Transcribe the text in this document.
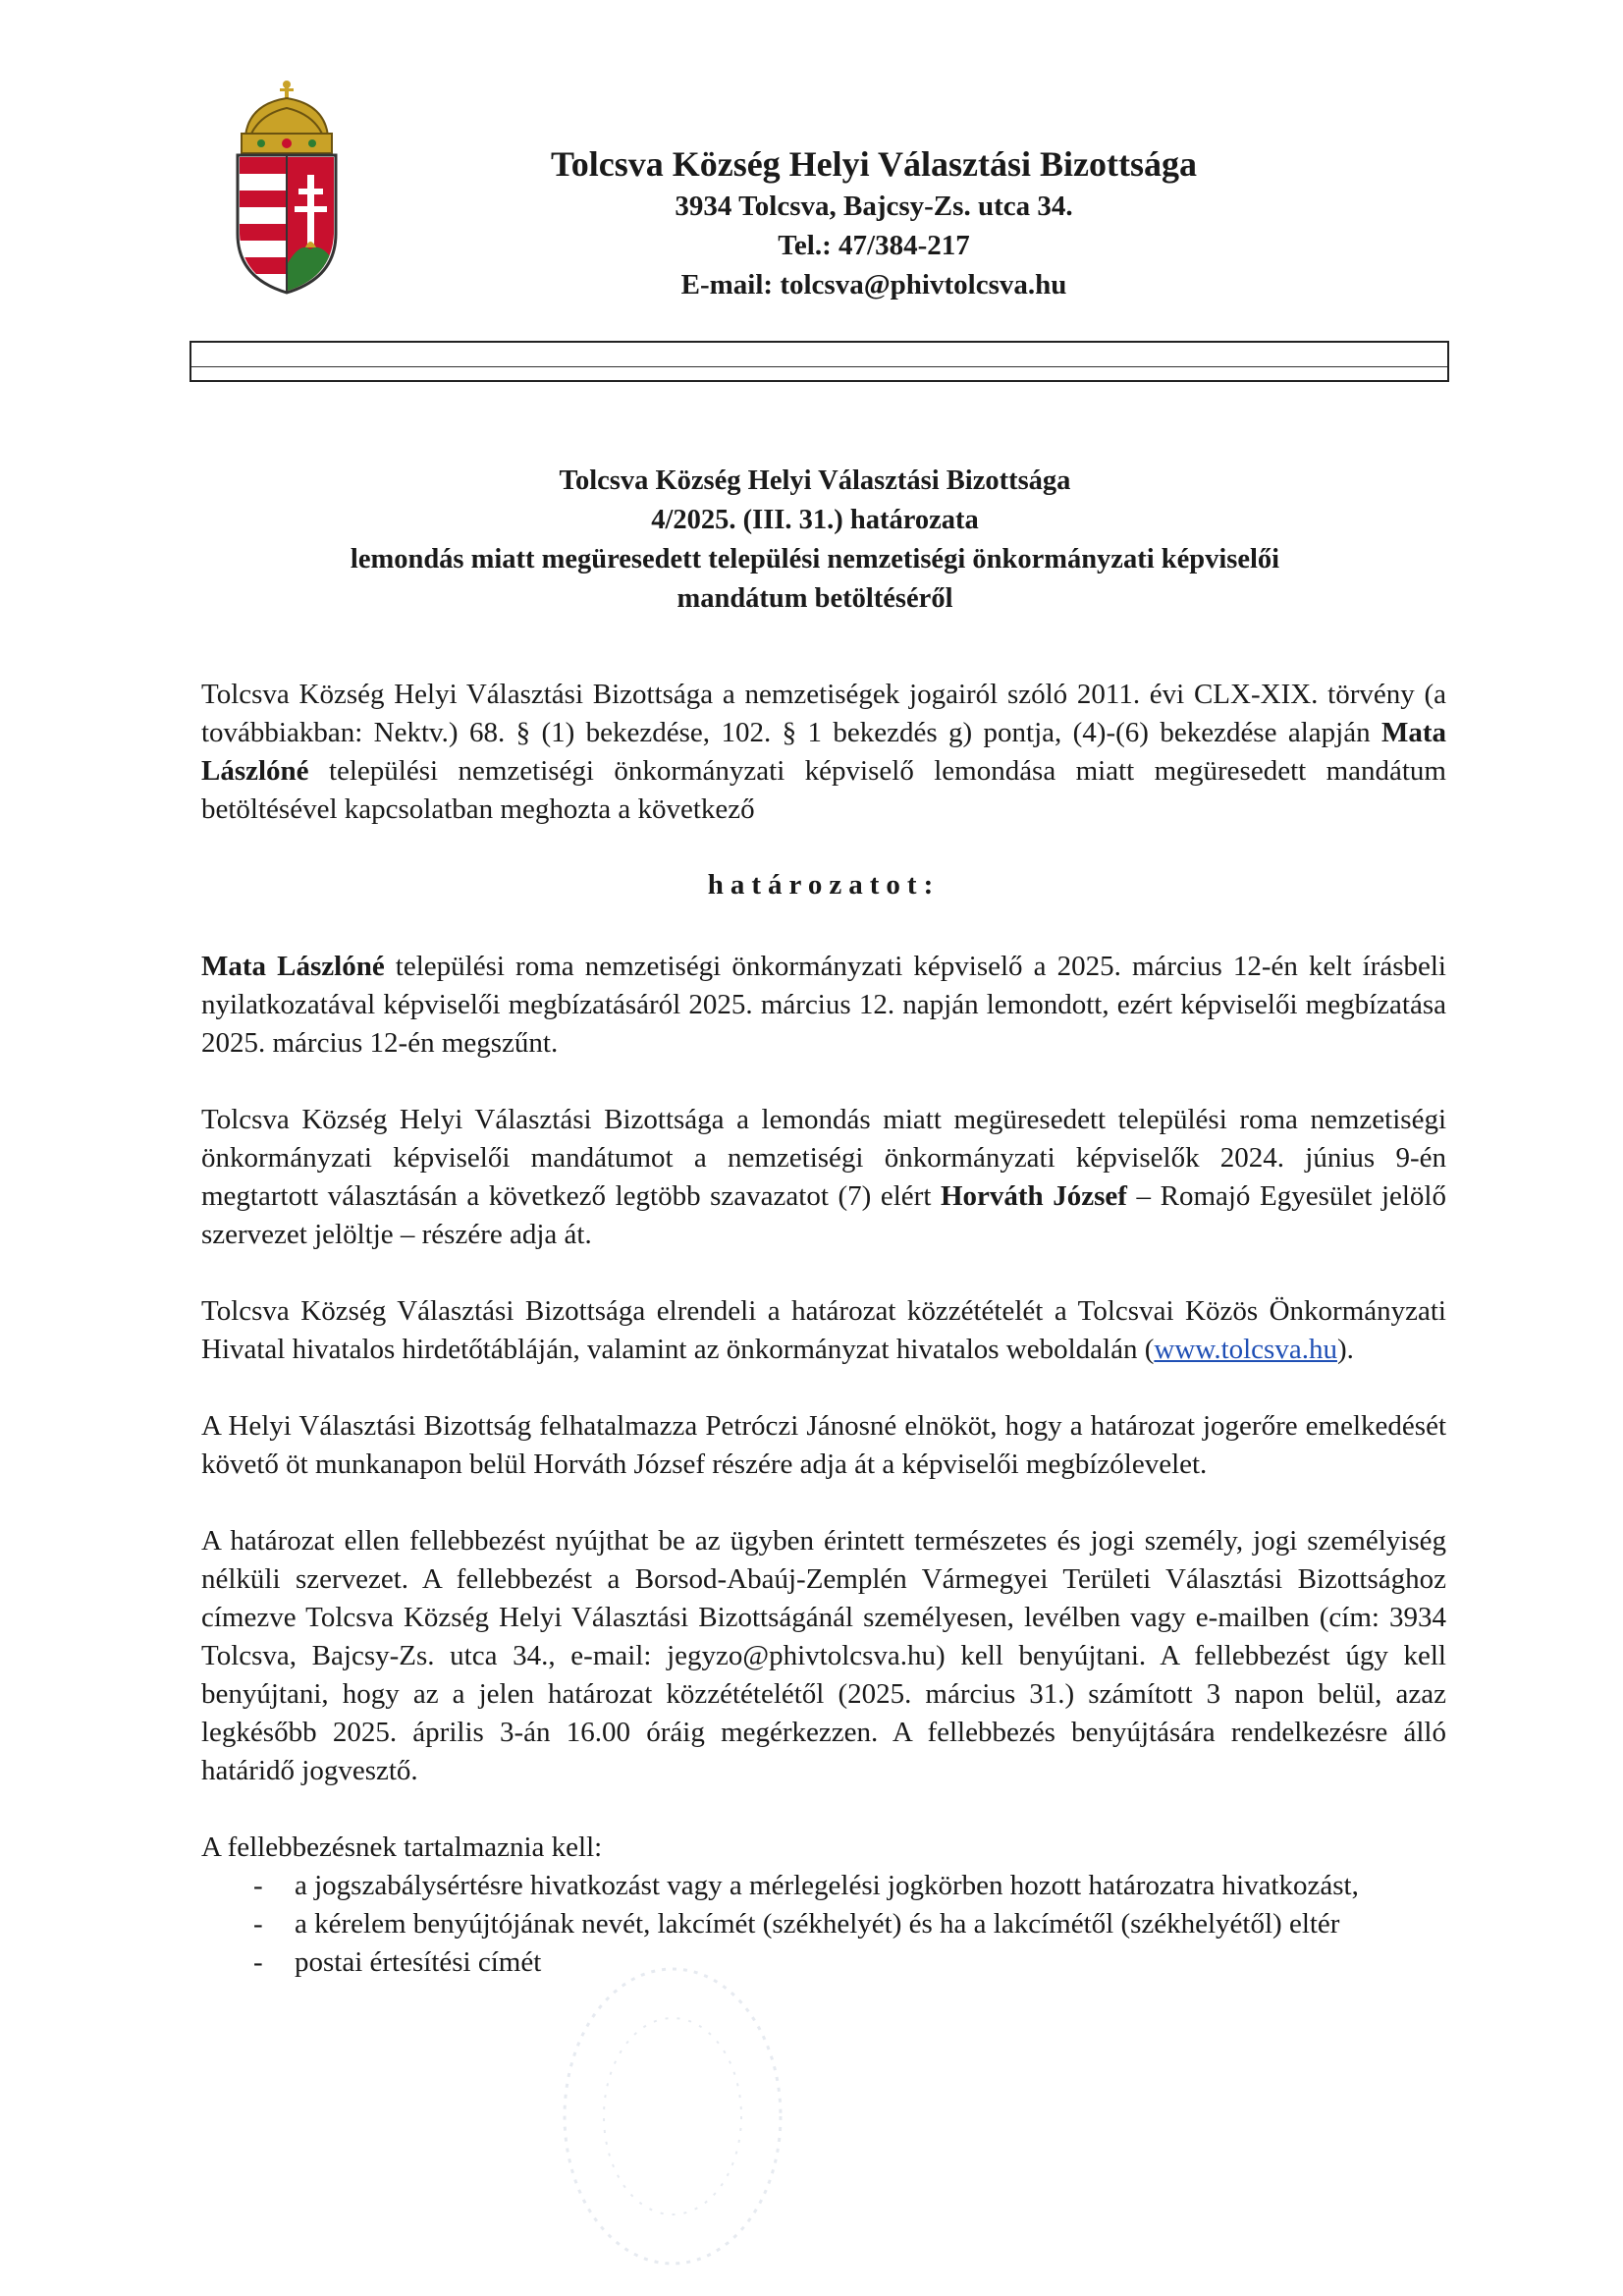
Tolcsva Község Helyi Választási Bizottsága
3934 Tolcsva, Bajcsy-Zs. utca 34.
Tel.: 47/384-217
E-mail: tolcsva@phivtolcsva.hu
Tolcsva Község Helyi Választási Bizottsága
4/2025. (III. 31.) határozata
lemondás miatt megüresedett települési nemzetiségi önkormányzati képviselői
mandátum betöltéséről

Tolcsva Község Helyi Választási Bizottsága a nemzetiségek jogairól szóló 2011. évi CLX-XIX. törvény (a továbbiakban: Nektv.) 68. § (1) bekezdése, 102. § 1 bekezdés g) pontja, (4)-(6) bekezdése alapján Mata Lászlóné települési nemzetiségi önkormányzati képviselő lemondása miatt megüresedett mandátum betöltésével kapcsolatban meghozta a következő

határozatot:

Mata Lászlóné települési roma nemzetiségi önkormányzati képviselő a 2025. március 12-én kelt írásbeli nyilatkozatával képviselői megbízatásáról 2025. március 12. napján lemondott, ezért képviselői megbízatása 2025. március 12-én megszűnt.

Tolcsva Község Helyi Választási Bizottsága a lemondás miatt megüresedett települési roma nemzetiségi önkormányzati képviselői mandátumot a nemzetiségi önkormányzati képviselők 2024. június 9-én megtartott választásán a következő legtöbb szavazatot (7) elért Horváth József – Romajó Egyesület jelölő szervezet jelöltje – részére adja át.

Tolcsva Község Választási Bizottsága elrendeli a határozat közzétételét a Tolcsvai Közös Önkormányzati Hivatal hivatalos hirdetőtábláján, valamint az önkormányzat hivatalos weboldalán (www.tolcsva.hu).

A Helyi Választási Bizottság felhatalmazza Petróczi Jánosné elnököt, hogy a határozat jogerőre emelkedését követő öt munkanapon belül Horváth József részére adja át a képviselői megbízólevelet.

A határozat ellen fellebbezést nyújthat be az ügyben érintett természetes és jogi személy, jogi személyiség nélküli szervezet. A fellebbezést a Borsod-Abaúj-Zemplén Vármegyei Területi Választási Bizottsághoz címezve Tolcsva Község Helyi Választási Bizottságánál személyesen, levélben vagy e-mailben (cím: 3934 Tolcsva, Bajcsy-Zs. utca 34., e-mail: jegyzo@phivtolcsva.hu) kell benyújtani. A fellebbezést úgy kell benyújtani, hogy az a jelen határozat közzétételétől (2025. március 31.) számított 3 napon belül, azaz legkésőbb 2025. április 3-án 16.00 óráig megérkezzen. A fellebbezés benyújtására rendelkezésre álló határidő jogvesztő.

A fellebbezésnek tartalmaznia kell:

- a jogszabálysértésre hivatkozást vagy a mérlegelési jogkörben hozott határozatra hivatkozást,
- a kérelem benyújtójának nevét, lakcímét (székhelyét) és ha a lakcímétől (székhelyétől) eltér
- postai értesítési címét
